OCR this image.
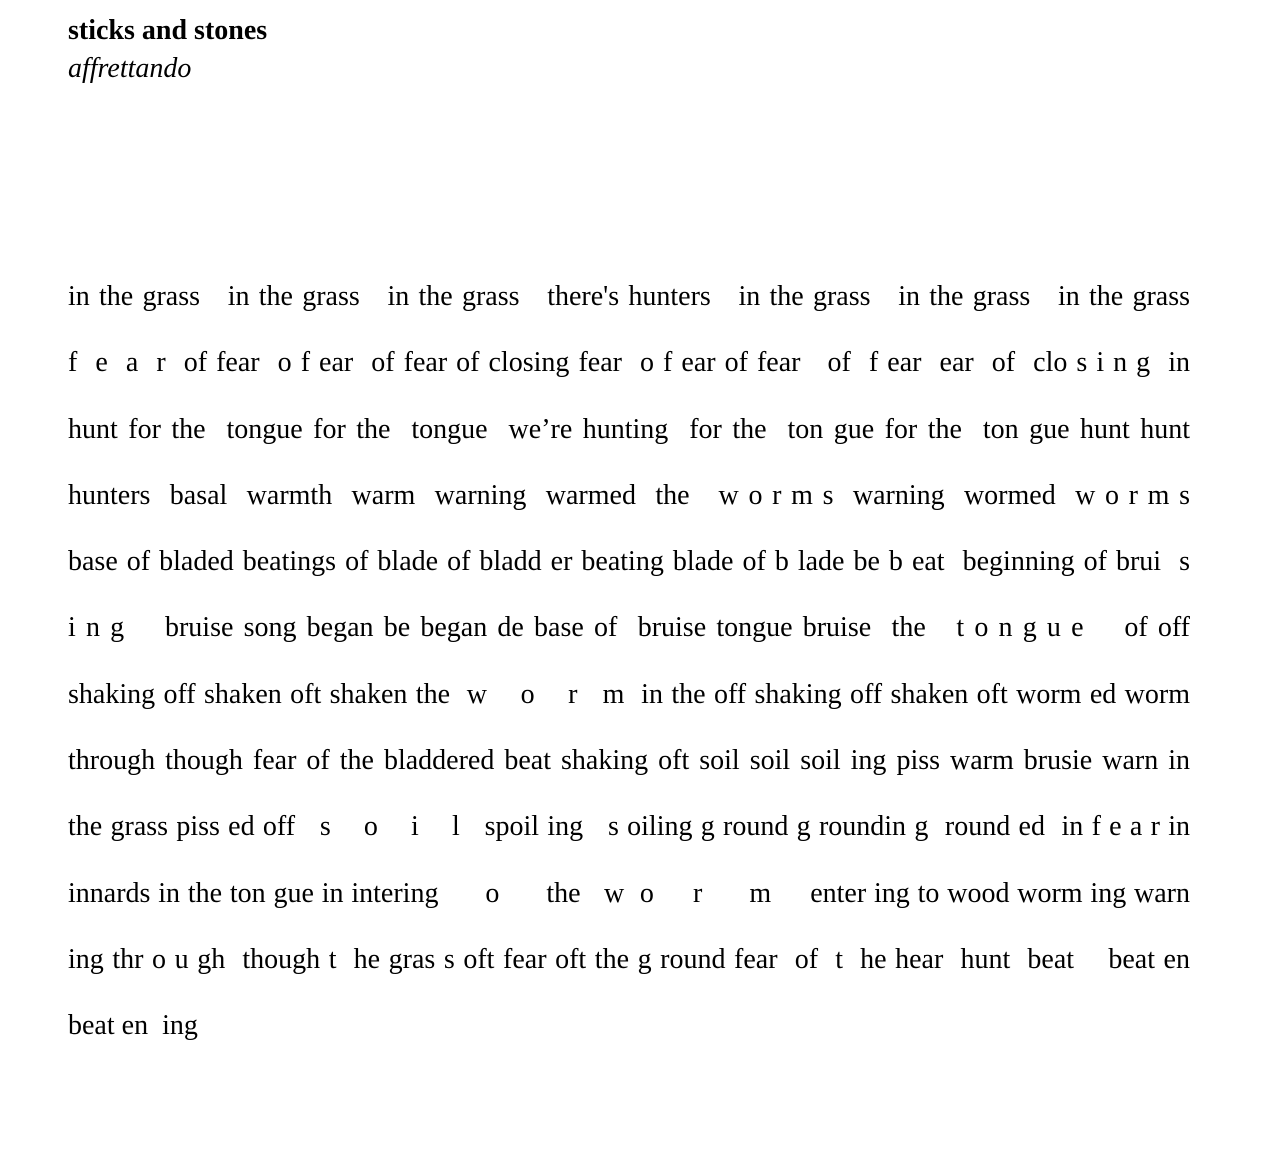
sticks and stones
affrettando
in the grass   in the grass   in the grass   there's hunters   in the grass   in the grass   in the grass
f  e  a  r  of fear  o f ear  of fear of closing fear  o f ear of fear   of  f ear  ear  of  clo s i n g  in
hunt for the  tongue for the  tongue  we’re hunting  for the  ton gue for the  ton gue hunt hunt
hunters  basal  warmth  warm  warning  warmed  the   w o r m s  warning  wormed  w o r m s
base of bladed beatings of blade of bladd er beating blade of b lade be b eat  beginning of brui  s
i n g    bruise song began be began de base of  bruise tongue bruise  the   t o n g u e    of off
shaking off shaken oft shaken the  w    o    r   m  in the off shaking off shaken oft worm ed worm
through though fear of the bladdered beat shaking oft soil soil soil ing piss warm brusie warn in
the grass piss ed off   s    o    i    l   spoil ing   s oiling g round g roundin g  round ed  in f e a r in
innards in the ton gue in intering      o      the   w  o     r      m     enter ing to wood worm ing warn
ing thr o u gh  though t  he gras s oft fear oft the g round fear  of  t  he hear  hunt  beat    beat en
beat en  ing
